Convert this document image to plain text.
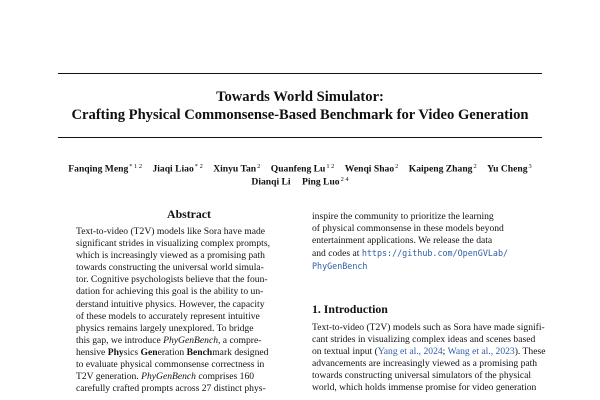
Towards World Simulator:
Crafting Physical Commonsense-Based Benchmark for Video Generation
Fanqing Meng$^{* 1 2}$ Jiaqi Liao$^{* 2}$ Xinyu Tan$^2$ Quanfeng $Lu^{1 2}$ Wenqi Shao$^2$ Kaipeng Zhang$^2$ Yu Cheng$^3$
Dianqi Li Ping Luo$^{2 4}$
Abstract

Text-to-video (T2V) models like Sora have made

significant strides in visualizing complex prompts,

which is increasingly viewed as a promising path

towards constructing the universal world simula-

tor. Cognitive psychologists believe that the foun-

dation for achieving this goal is the ability to un-

derstand intuitive physics. However, the capacity

of these models to accurately represent intuitive

physics remains largely unexplored. To bridge

this gap, we introduce PhyGenBench, a compre-

hensive Physics Generation Benchmark designed

to evaluate physical commonsense correctness in

T2V generation. PhyGenBench comprises 160

carefully crafted prompts across 27 distinct phys-

inspire the community to prioritize the learning

of physical commonsense in these models beyond

entertainment applications. We release the data

and codes at https://github.com/OpenGVLab/

PhyGenBench

1. Introduction

Text-to-video (T2V) models such as Sora have made signifi-

cant strides in visualizing complex ideas and scenes based

on textual input (Yang et al., 2024; Wang et al., 2023). These

advancements are increasingly viewed as a promising path

towards constructing universal simulators of the physical

world, which holds immense promise for video generation
